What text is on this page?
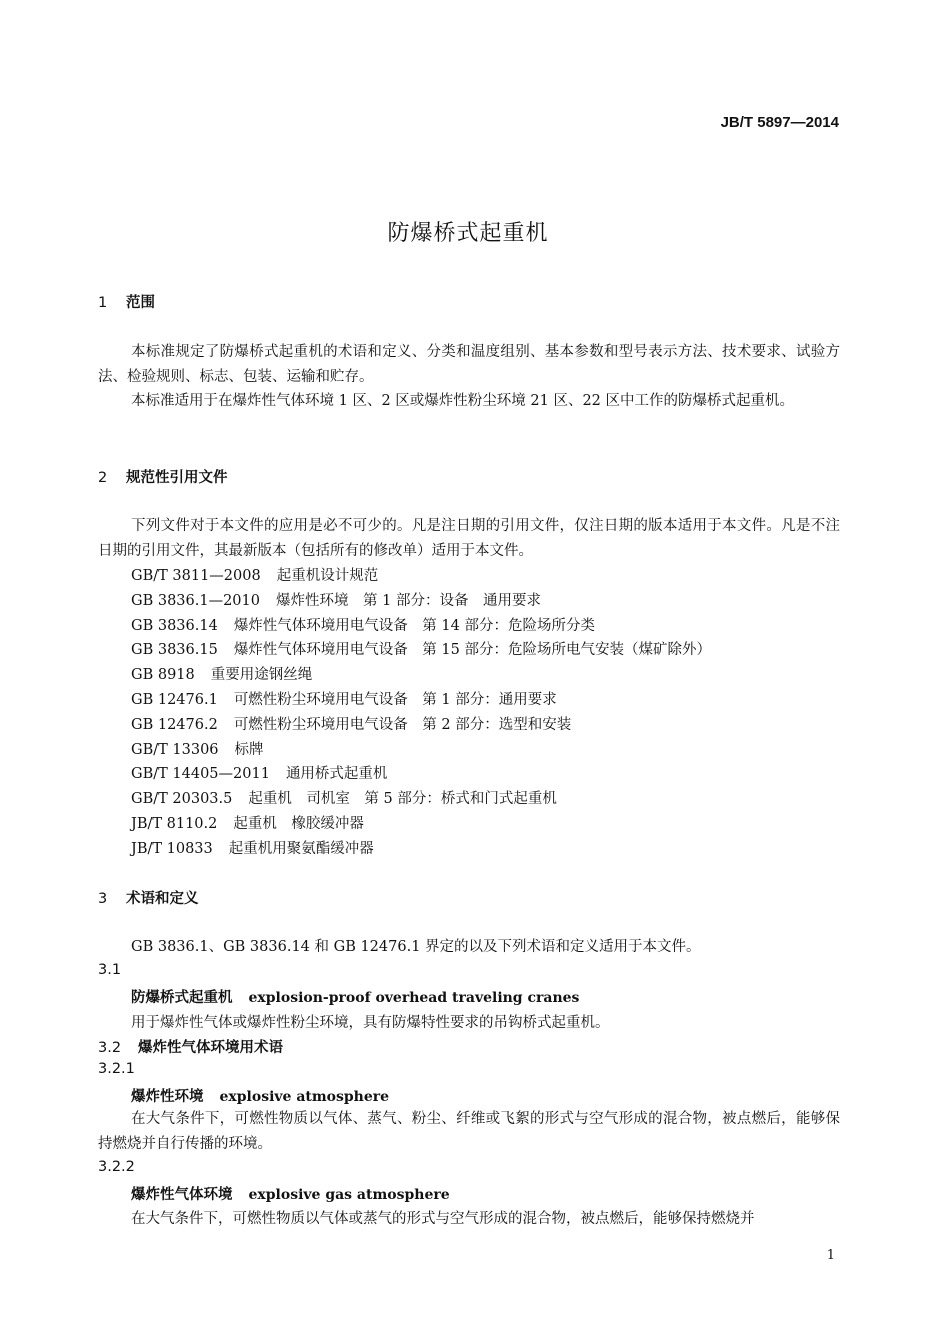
JB/T 5897—2014
防爆桥式起重机
1 范围
本标准规定了防爆桥式起重机的术语和定义、分类和温度组别、基本参数和型号表示方法、技术要求、试验方法、检验规则、标志、包装、运输和贮存。
本标准适用于在爆炸性气体环境 1 区、2 区或爆炸性粉尘环境 21 区、22 区中工作的防爆桥式起重机。
2 规范性引用文件
下列文件对于本文件的应用是必不可少的。凡是注日期的引用文件，仅注日期的版本适用于本文件。凡是不注日期的引用文件，其最新版本（包括所有的修改单）适用于本文件。
GB/T 3811—2008 起重机设计规范
GB 3836.1—2010 爆炸性环境　第 1 部分：设备　通用要求
GB 3836.14 爆炸性气体环境用电气设备　第 14 部分：危险场所分类
GB 3836.15 爆炸性气体环境用电气设备　第 15 部分：危险场所电气安装（煤矿除外）
GB 8918 重要用途钢丝绳
GB 12476.1 可燃性粉尘环境用电气设备　第 1 部分：通用要求
GB 12476.2 可燃性粉尘环境用电气设备　第 2 部分：选型和安装
GB/T 13306 标牌
GB/T 14405—2011 通用桥式起重机
GB/T 20303.5 起重机　司机室　第 5 部分：桥式和门式起重机
JB/T 8110.2 起重机　橡胶缓冲器
JB/T 10833 起重机用聚氨酯缓冲器
3 术语和定义
GB 3836.1、GB 3836.14 和 GB 12476.1 界定的以及下列术语和定义适用于本文件。
3.1
防爆桥式起重机 explosion-proof overhead traveling cranes
用于爆炸性气体或爆炸性粉尘环境，具有防爆特性要求的吊钩桥式起重机。
3.2 爆炸性气体环境用术语
3.2.1
爆炸性环境 explosive atmosphere
在大气条件下，可燃性物质以气体、蒸气、粉尘、纤维或飞絮的形式与空气形成的混合物，被点燃后，能够保持燃烧并自行传播的环境。
3.2.2
爆炸性气体环境 explosive gas atmosphere
在大气条件下，可燃性物质以气体或蒸气的形式与空气形成的混合物，被点燃后，能够保持燃烧并
1
